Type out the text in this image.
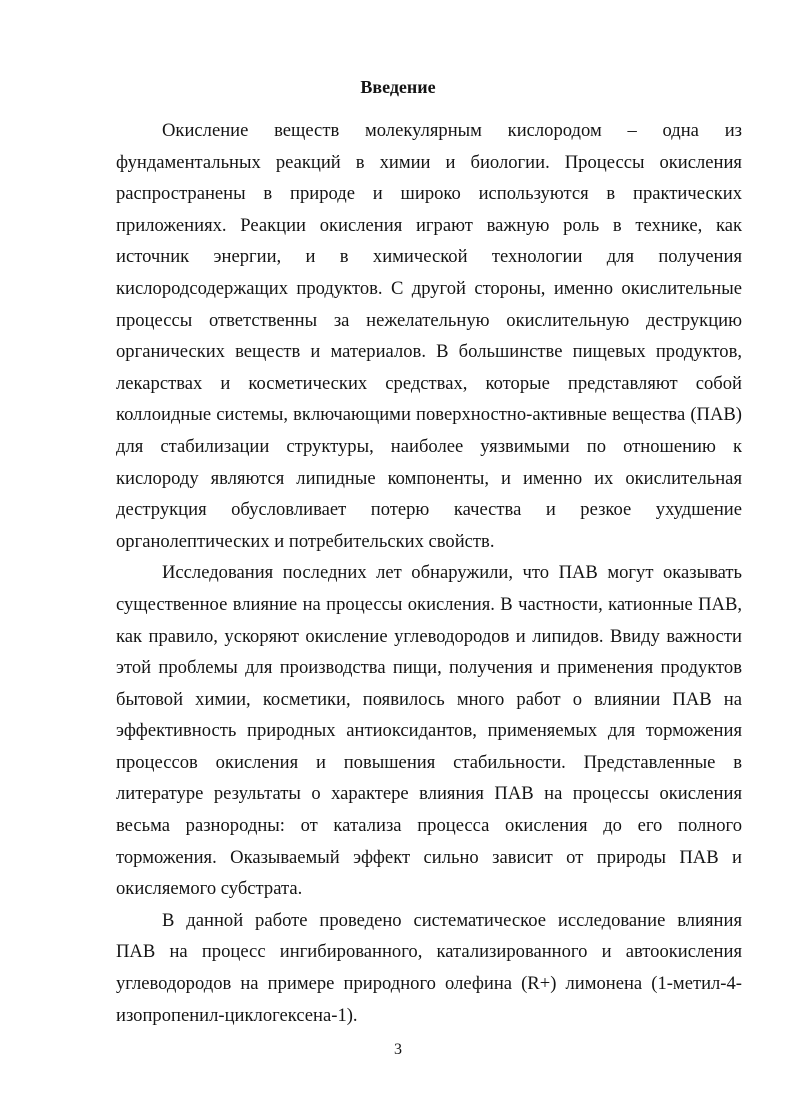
Введение

Окисление веществ молекулярным кислородом – одна из фундаментальных реакций в химии и биологии. Процессы окисления распространены в природе и широко используются в практических приложениях. Реакции окисления играют важную роль в технике, как источник энергии, и в химической технологии для получения кислородсодержащих продуктов. С другой стороны, именно окислительные процессы ответственны за нежелательную окислительную деструкцию органических веществ и материалов. В большинстве пищевых продуктов, лекарствах и косметических средствах, которые представляют собой коллоидные системы, включающими поверхностно-активные вещества (ПАВ) для стабилизации структуры, наиболее уязвимыми по отношению к кислороду являются липидные компоненты, и именно их окислительная деструкция обусловливает потерю качества и резкое ухудшение органолептических и потребительских свойств.

Исследования последних лет обнаружили, что ПАВ могут оказывать существенное влияние на процессы окисления. В частности, катионные ПАВ, как правило, ускоряют окисление углеводородов и липидов. Ввиду важности этой проблемы для производства пищи, получения и применения продуктов бытовой химии, косметики, появилось много работ о влиянии ПАВ на эффективность природных антиоксидантов, применяемых для торможения процессов окисления и повышения стабильности. Представленные в литературе результаты о характере влияния ПАВ на процессы окисления весьма разнородны: от катализа процесса окисления до его полного торможения. Оказываемый эффект сильно зависит от природы ПАВ и окисляемого субстрата.

В данной работе проведено систематическое исследование влияния ПАВ на процесс ингибированного, катализированного и автоокисления углеводородов на примере природного олефина (R+) лимонена (1-метил-4-изопропенил-циклогексена-1).

3
